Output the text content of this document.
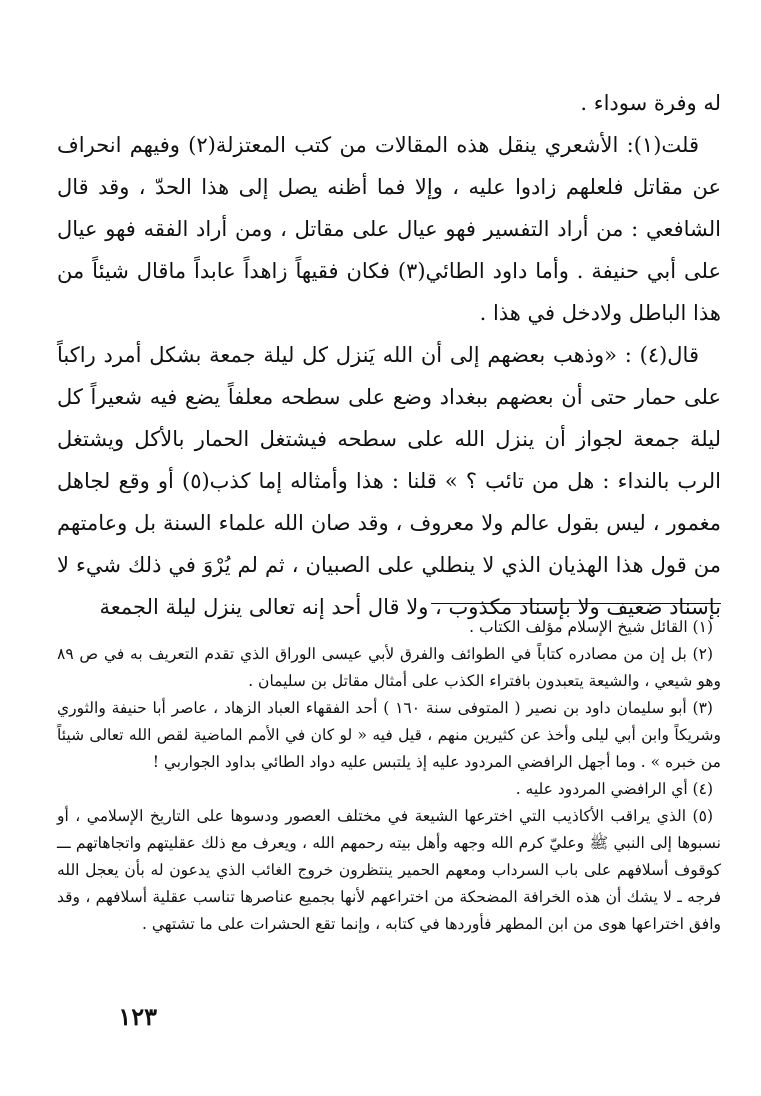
له وفرة سوداء .

قلت(١): الأشعري ينقل هذه المقالات من كتب المعتزلة(٢) وفيهم انحراف عن مقاتل فلعلهم زادوا عليه ، وإلا فما أظنه يصل إلى هذا الحدّ ، وقد قال الشافعي : من أراد التفسير فهو عيال على مقاتل ، ومن أراد الفقه فهو عيال على أبي حنيفة . وأما داود الطائي(٣) فكان فقيهاً زاهداً عابداً ماقال شيئاً من هذا الباطل ولادخل في هذا .

قال(٤) : «وذهب بعضهم إلى أن الله يَنزل كل ليلة جمعة بشكل أمرد راكباً على حمار حتى أن بعضهم ببغداد وضع على سطحه معلفاً يضع فيه شعيراً كل ليلة جمعة لجواز أن ينزل الله على سطحه فيشتغل الحمار بالأكل ويشتغل الرب بالنداء : هل من تائب ؟ » قلنا : هذا وأمثاله إما كذب(٥) أو وقع لجاهل مغمور ، ليس بقول عالم ولا معروف ، وقد صان الله علماء السنة بل وعامتهم من قول هذا الهذيان الذي لا ينطلي على الصبيان ، ثم لم يُرْوَ في ذلك شيء لا بإسناد ضعيف ولا بإسناد مكذوب ، ولا قال أحد إنه تعالى ينزل ليلة الجمعة

(١) القائل شيخ الإسلام مؤلف الكتاب .

(٢) بل إن من مصادره كتاباً في الطوائف والفرق لأبي عيسى الوراق الذي تقدم التعريف به في ص ٨٩ وهو شيعي ، والشيعة يتعبدون بافتراء الكذب على أمثال مقاتل بن سليمان .

(٣) أبو سليمان داود بن نصير ( المتوفى سنة ١٦٠ ) أحد الفقهاء العباد الزهاد ، عاصر أبا حنيفة والثوري وشريكاً وابن أبي ليلى وأخذ عن كثيرين منهم ، قيل فيه « لو كان في الأمم الماضية لقص الله تعالى شيئاً من خبره » . وما أجهل الرافضي المردود عليه إذ يلتبس عليه دواد الطائي بداود الجواربي !

(٤) أي الرافضي المردود عليه .

(٥) الذي يراقب الأكاذيب التي اخترعها الشيعة في مختلف العصور ودسوها على التاريخ الإسلامي ، أو نسبوها إلى النبي ﷺ وعليّ كرم الله وجهه وأهل بيته رحمهم الله ، ويعرف مع ذلك عقليتهم واتجاهاتهم ـــ كوقوف أسلافهم على باب السرداب ومعهم الحمير ينتظرون خروج الغائب الذي يدعون له بأن يعجل الله فرجه ـ لا يشك أن هذه الخرافة المضحكة من اختراعهم لأنها بجميع عناصرها تناسب عقلية أسلافهم ، وقد وافق اختراعها هوى من ابن المطهر فأوردها في كتابه ، وإنما تقع الحشرات على ما تشتهي .

١٢٣
